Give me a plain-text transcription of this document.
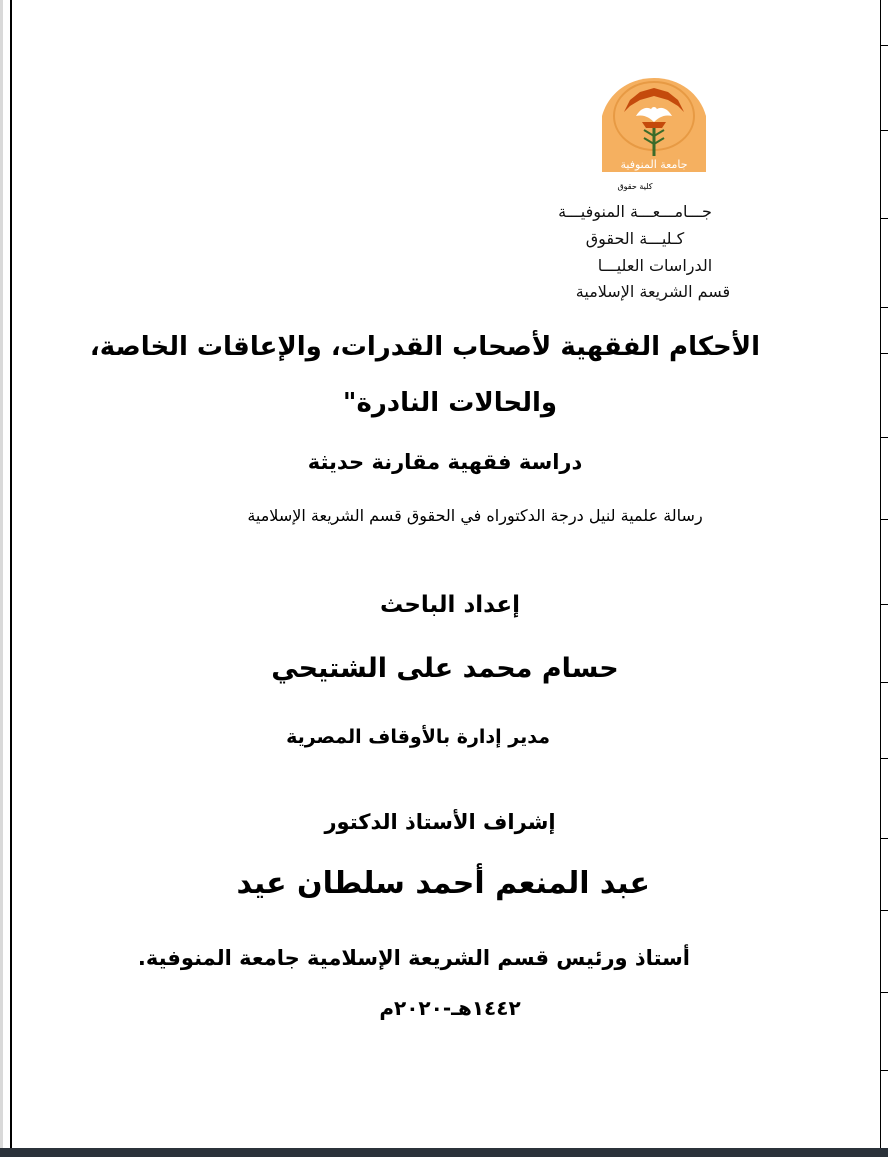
جامعة المنوفية
كلية حقوق
جـــامـــعـــة المنوفيـــة
كـليـــة الحقوق
الدراسات العليـــا
قسم الشريعة الإسلامية
الأحكام الفقهية لأصحاب القدرات، والإعاقات الخاصة،
والحالات النادرة"
دراسة فقهية مقارنة حديثة
رسالة علمية لنيل درجة الدكتوراه في الحقوق قسم الشريعة الإسلامية
إعداد الباحث
حسام محمد على الشتيحي
مدير إدارة بالأوقاف المصرية
إشراف الأستاذ الدكتور
عبد المنعم أحمد سلطان عيد
أستاذ ورئيس قسم الشريعة الإسلامية جامعة المنوفية.
١٤٤٢هـ-٢٠٢٠م
